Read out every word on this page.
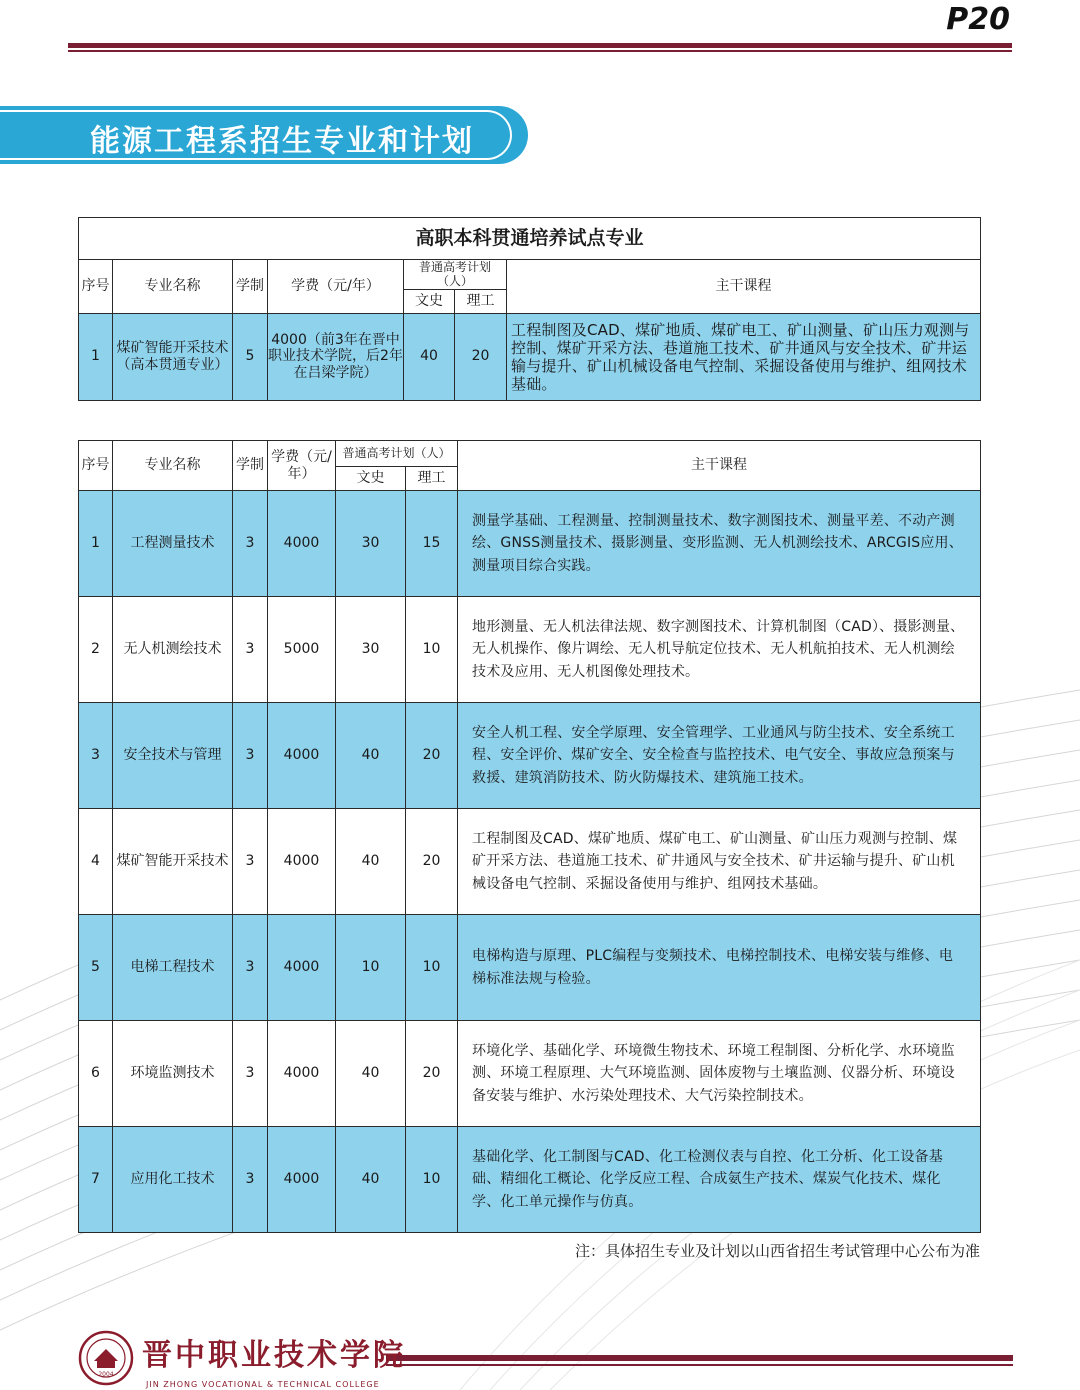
P20
能源工程系招生专业和计划
高职本科贯通培养试点专业						
序号	专业名称	学制	学费（元/年）	普通高考计划（人）		主干课程
				文史	理工	
1	煤矿智能开采技术（高本贯通专业）	5	4000（前3年在晋中职业技术学院，后2年在吕梁学院）	40	20	工程制图及CAD、煤矿地质、煤矿电工、矿山测量、矿山压力观测与控制、煤矿开采方法、巷道施工技术、矿井通风与安全技术、矿井运输与提升、矿山机械设备电气控制、采掘设备使用与维护、组网技术基础。
序号	专业名称	学制	学费（元/年）	普通高考计划（人）		主干课程
				文史	理工	
1	工程测量技术	3	4000	30	15	测量学基础、工程测量、控制测量技术、数字测图技术、测量平差、不动产测绘、GNSS测量技术、摄影测量、变形监测、无人机测绘技术、ARCGIS应用、测量项目综合实践。
2	无人机测绘技术	3	5000	30	10	地形测量、无人机法律法规、数字测图技术、计算机制图（CAD）、摄影测量、无人机操作、像片调绘、无人机导航定位技术、无人机航拍技术、无人机测绘技术及应用、无人机图像处理技术。
3	安全技术与管理	3	4000	40	20	安全人机工程、安全学原理、安全管理学、工业通风与防尘技术、安全系统工程、安全评价、煤矿安全、安全检查与监控技术、电气安全、事故应急预案与救援、建筑消防技术、防火防爆技术、建筑施工技术。
4	煤矿智能开采技术	3	4000	40	20	工程制图及CAD、煤矿地质、煤矿电工、矿山测量、矿山压力观测与控制、煤矿开采方法、巷道施工技术、矿井通风与安全技术、矿井运输与提升、矿山机械设备电气控制、采掘设备使用与维护、组网技术基础。
5	电梯工程技术	3	4000	10	10	电梯构造与原理、PLC编程与变频技术、电梯控制技术、电梯安装与维修、电梯标准法规与检验。
6	环境监测技术	3	4000	40	20	环境化学、基础化学、环境微生物技术、环境工程制图、分析化学、水环境监测、环境工程原理、大气环境监测、固体废物与土壤监测、仪器分析、环境设备安装与维护、水污染处理技术、大气污染控制技术。
7	应用化工技术	3	4000	40	10	基础化学、化工制图与CAD、化工检测仪表与自控、化工分析、化工设备基础、精细化工概论、化学反应工程、合成氨生产技术、煤炭气化技术、煤化学、化工单元操作与仿真。
注：具体招生专业及计划以山西省招生考试管理中心公布为准
2004
晋中职业技术学院
JIN ZHONG VOCATIONAL & TECHNICAL COLLEGE
